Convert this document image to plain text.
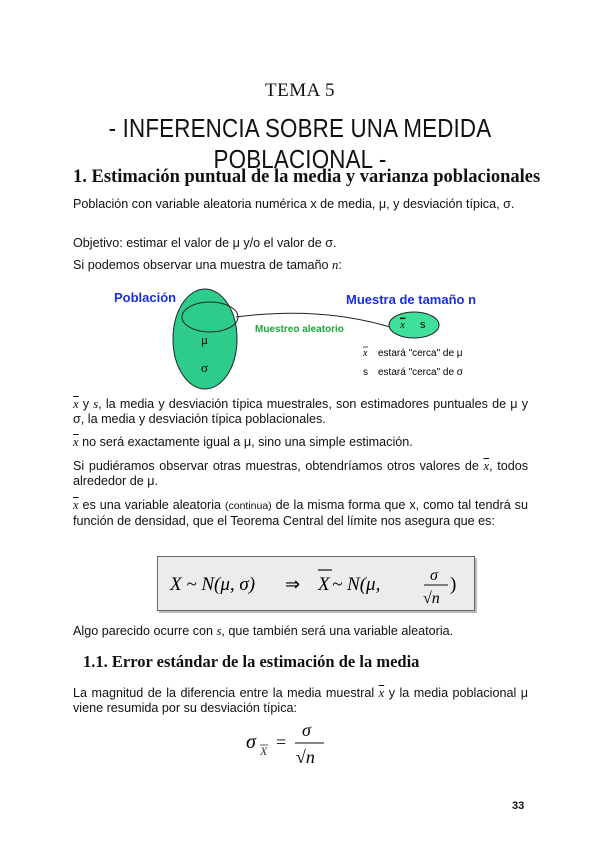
TEMA 5
- INFERENCIA SOBRE UNA MEDIDA POBLACIONAL -
1. Estimación puntual de la media y varianza poblacionales
Población con variable aleatoria numérica x de media, μ, y desviación típica, σ.
Objetivo: estimar el valor de μ y/o el valor de σ.
Si podemos observar una muestra de tamaño n:
Población	Muestra de tamaño n
Muestreo aleatorio
μ
σ
x s
x estará "cerca" de μ
s estará "cerca" de σ
$\overline{x}$ y s, la media y desviación típica muestrales, son estimadores puntuales de μ y σ, la media y desviación típica poblacionales.
$\overline{x}$ no será exactamente igual a μ, sino una simple estimación.
Si pudiéramos observar otras muestras, obtendríamos otros valores de $\overline{x}$, todos alrededor de μ.
$\overline{x}$ es una variable aleatoria (continua) de la misma forma que x, como tal tendrá su función de densidad, que el Teorema Central del límite nos asegura que es:
X ~ N(μ, σ) ⇒ X ~ N(μ,	σ
√n
)
Algo parecido ocurre con s, que también será una variable aleatoria.
1.1. Error estándar de la estimación de la media
La magnitud de la diferencia entre la media muestral $\overline{x}$ y la media poblacional μ viene resumida por su desviación típica:
σ X =
σ
√n
33
